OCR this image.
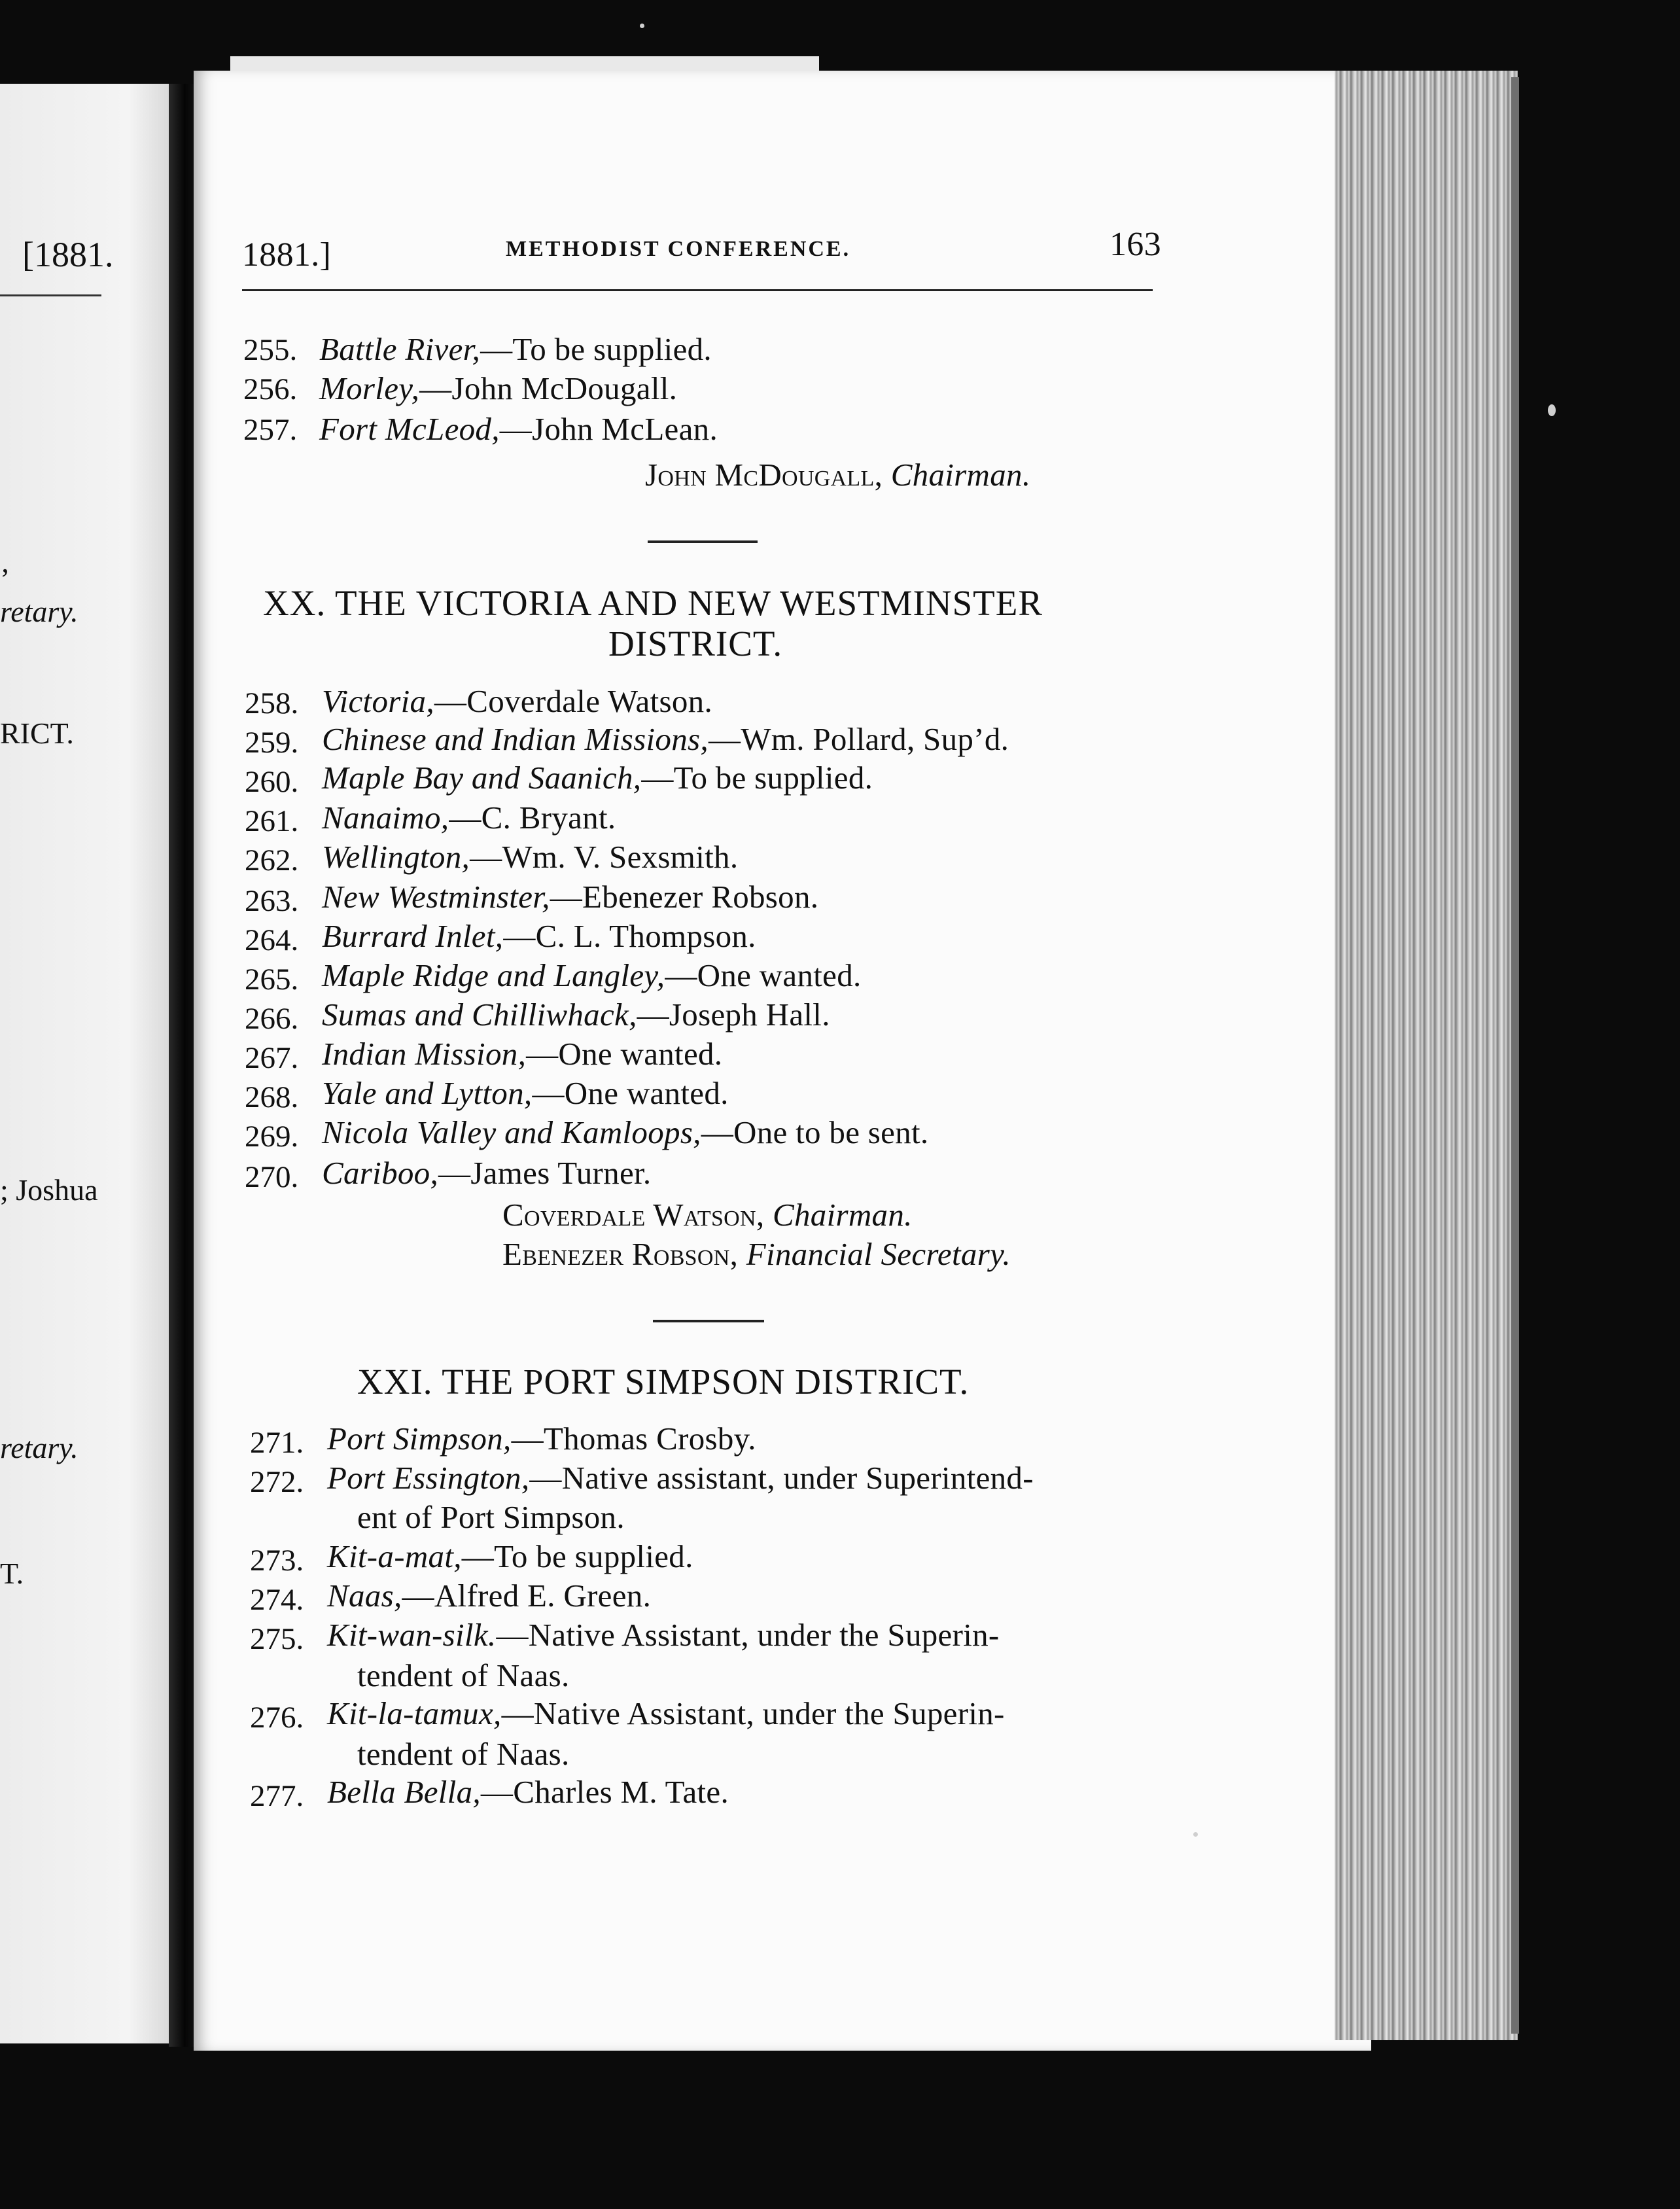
[1881.
’
retary.
RICT.
; Joshua
retary.
T.
1881.]	METHODIST CONFERENCE.	163
255. Battle River,—To be supplied.
256. Morley,—John McDougall.
257. Fort McLeod,—John McLean.
John McDougall, Chairman.
XX. THE VICTORIA AND NEW WESTMINSTER
DISTRICT.
258. Victoria,—Coverdale Watson.
259. Chinese and Indian Missions,—Wm. Pollard, Sup’d.
260. Maple Bay and Saanich,—To be supplied.
261. Nanaimo,—C. Bryant.
262. Wellington,—Wm. V. Sexsmith.
263. New Westminster,—Ebenezer Robson.
264. Burrard Inlet,—C. L. Thompson.
265. Maple Ridge and Langley,—One wanted.
266. Sumas and Chilliwhack,—Joseph Hall.
267. Indian Mission,—One wanted.
268. Yale and Lytton,—One wanted.
269. Nicola Valley and Kamloops,—One to be sent.
270. Cariboo,—James Turner.
Coverdale Watson, Chairman.
Ebenezer Robson, Financial Secretary.
XXI. THE PORT SIMPSON DISTRICT.
271. Port Simpson,—Thomas Crosby.
272. Port Essington,—Native assistant, under Superintend-
ent of Port Simpson.
273. Kit-a-mat,—To be supplied.
274. Naas,—Alfred E. Green.
275. Kit-wan-silk.—Native Assistant, under the Superin-
tendent of Naas.
276. Kit-la-tamux,—Native Assistant, under the Superin-
tendent of Naas.
277. Bella Bella,—Charles M. Tate.
